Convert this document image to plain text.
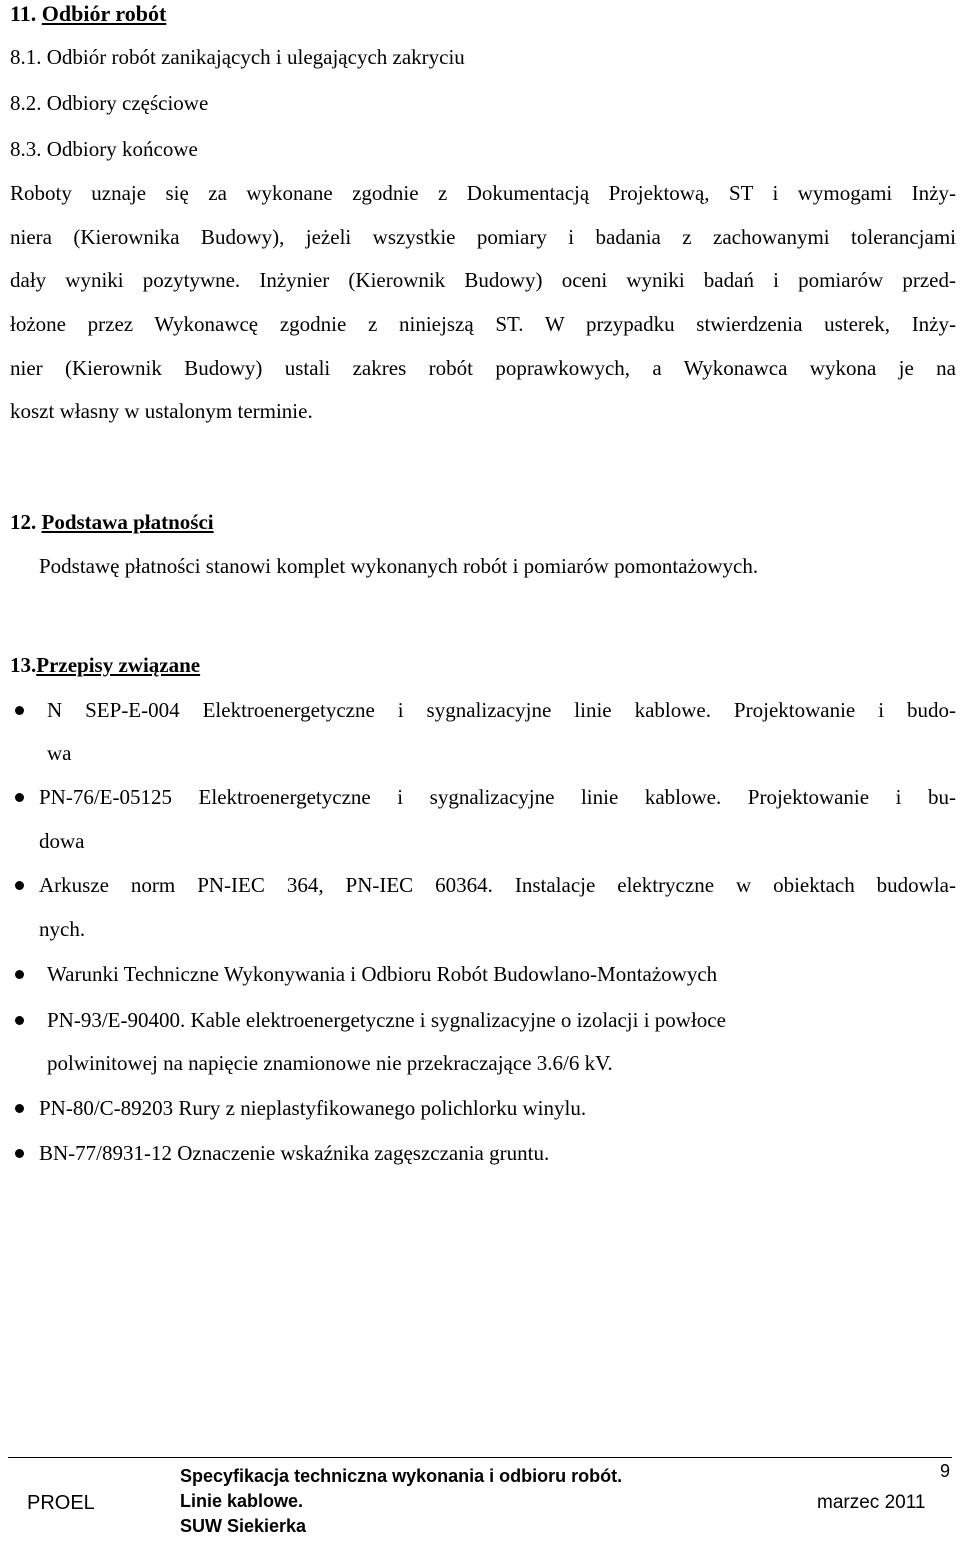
11. Odbiór robót
8.1. Odbiór robót zanikających i ulegających zakryciu
8.2. Odbiory częściowe
8.3. Odbiory końcowe
Roboty uznaje się za wykonane zgodnie z Dokumentacją Projektową, ST i wymogami Inży-
niera (Kierownika Budowy), jeżeli wszystkie pomiary i badania z zachowanymi tolerancjami
dały wyniki pozytywne. Inżynier (Kierownik Budowy) oceni wyniki badań i pomiarów przed-
łożone przez Wykonawcę zgodnie z niniejszą ST. W przypadku stwierdzenia usterek, Inży-
nier (Kierownik Budowy) ustali zakres robót poprawkowych, a Wykonawca wykona je na
koszt własny w ustalonym terminie.
12. Podstawa płatności
Podstawę płatności stanowi komplet wykonanych robót i pomiarów pomontażowych.
13.Przepisy związane
N SEP-E-004 Elektroenergetyczne i sygnalizacyjne linie kablowe. Projektowanie i budo-
wa
PN-76/E-05125 Elektroenergetyczne i sygnalizacyjne linie kablowe. Projektowanie i bu-
dowa
Arkusze norm PN-IEC 364, PN-IEC 60364. Instalacje elektryczne w obiektach budowla-
nych.
Warunki Techniczne Wykonywania i Odbioru Robót Budowlano-Montażowych
PN-93/E-90400. Kable elektroenergetyczne i sygnalizacyjne o izolacji i powłoce
polwinitowej na napięcie znamionowe nie przekraczające 3.6/6 kV.
PN-80/C-89203 Rury z nieplastyfikowanego polichlorku winylu.
BN-77/8931-12 Oznaczenie wskaźnika zagęszczania gruntu.
PROEL
Specyfikacja techniczna wykonania i odbioru robót.
Linie kablowe.
SUW Siekierka
9
marzec 2011
